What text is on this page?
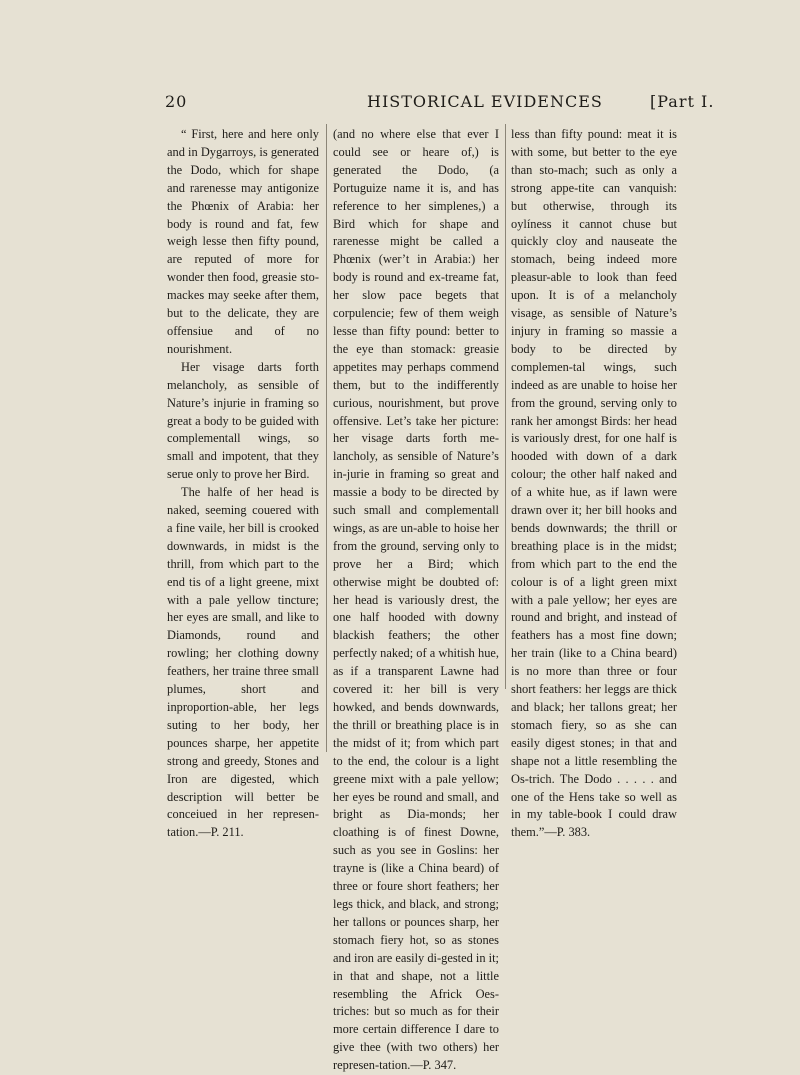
20	HISTORICAL EVIDENCES	[Part I.

“ First, here and here only and in Dygarroys, is generated the Dodo, which for shape and rarenesse may antigonize the Phœnix of Arabia: her body is round and fat, few weigh lesse then fifty pound, are reputed of more for wonder then food, greasie sto-mackes may seeke after them, but to the delicate, they are offensiue and of no nourishment.

Her visage darts forth melancholy, as sensible of Nature’s injurie in framing so great a body to be guided with complementall wings, so small and impotent, that they serue only to prove her Bird.

The halfe of her head is naked, seeming couered with a fine vaile, her bill is crooked downwards, in midst is the thrill, from which part to the end tis of a light greene, mixt with a pale yellow tincture; her eyes are small, and like to Diamonds, round and rowling; her clothing downy feathers, her traine three small plumes, short and inproportion-able, her legs suting to her body, her pounces sharpe, her appetite strong and greedy, Stones and Iron are digested, which description will better be conceiued in her represen-tation.—P. 211.

(and no where else that ever I could see or heare of,) is generated the Dodo, (a Portuguize name it is, and has reference to her simplenes,) a Bird which for shape and rarenesse might be called a Phœnix (wer’t in Arabia:) her body is round and ex-treame fat, her slow pace begets that corpulencie; few of them weigh lesse than fifty pound: better to the eye than stomack: greasie appetites may perhaps commend them, but to the indifferently curious, nourishment, but prove offensive. Let’s take her picture: her visage darts forth me-lancholy, as sensible of Nature’s in-jurie in framing so great and massie a body to be directed by such small and complementall wings, as are un-able to hoise her from the ground, serving only to prove her a Bird; which otherwise might be doubted of: her head is variously drest, the one half hooded with downy blackish feathers; the other perfectly naked; of a whitish hue, as if a transparent Lawne had covered it: her bill is very howked, and bends downwards, the thrill or breathing place is in the midst of it; from which part to the end, the colour is a light greene mixt with a pale yellow; her eyes be round and small, and bright as Dia-monds; her cloathing is of finest Downe, such as you see in Goslins: her trayne is (like a China beard) of three or foure short feathers; her legs thick, and black, and strong; her tallons or pounces sharp, her stomach fiery hot, so as stones and iron are easily di-gested in it; in that and shape, not a little resembling the Africk Oes-triches: but so much as for their more certain difference I dare to give thee (with two others) her represen-tation.—P. 347.

less than fifty pound: meat it is with some, but better to the eye than sto-mach; such as only a strong appe-tite can vanquish: but otherwise, through its oylíness it cannot chuse but quickly cloy and nauseate the stomach, being indeed more pleasur-able to look than feed upon. It is of a melancholy visage, as sensible of Nature’s injury in framing so massie a body to be directed by complemen-tal wings, such indeed as are unable to hoise her from the ground, serving only to rank her amongst Birds: her head is variously drest, for one half is hooded with down of a dark colour; the other half naked and of a white hue, as if lawn were drawn over it; her bill hooks and bends downwards; the thrill or breathing place is in the midst; from which part to the end the colour is of a light green mixt with a pale yellow; her eyes are round and bright, and instead of feathers has a most fine down; her train (like to a China beard) is no more than three or four short feathers: her leggs are thick and black; her tallons great; her stomach fiery, so as she can easily digest stones; in that and shape not a little resembling the Os-trich. The Dodo . . . . . and one of the Hens take so well as in my table-book I could draw them.”—P. 383.
